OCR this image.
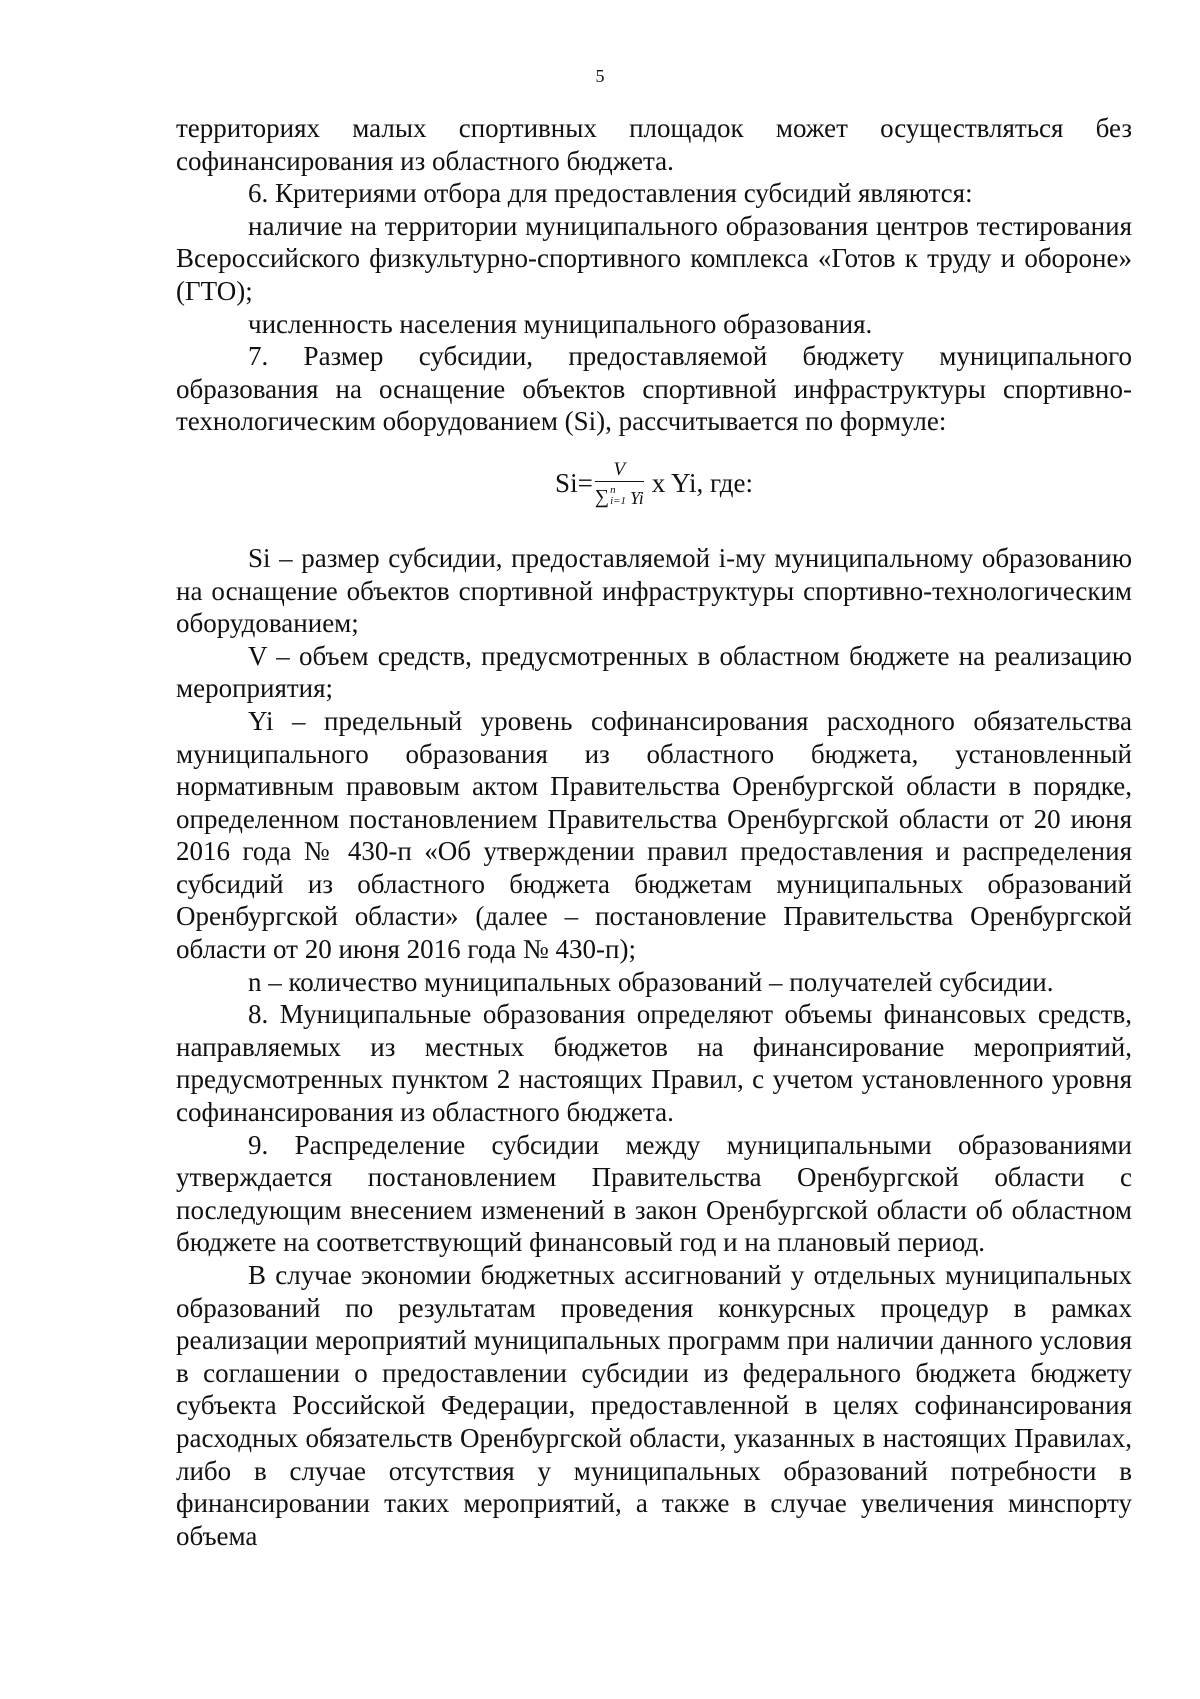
5

территориях малых спортивных площадок может осуществляться без софинансирования из областного бюджета.

6. Критериями отбора для предоставления субсидий являются:

наличие на территории муниципального образования центров тестирования Всероссийского физкультурно-спортивного комплекса «Готов к труду и обороне» (ГТО);

численность населения муниципального образования.

7. Размер субсидии, предоставляемой бюджету муниципального образования на оснащение объектов спортивной инфраструктуры спортивно-технологическим оборудованием (Si), рассчитывается по формуле:

Si= V
∑ n
i=1 Yi x Yi, где:

Si – размер субсидии, предоставляемой i-му муниципальному образованию на оснащение объектов спортивной инфраструктуры спортивно-технологическим оборудованием;

V – объем средств, предусмотренных в областном бюджете на реализацию мероприятия;

Yi – предельный уровень софинансирования расходного обязательства муниципального образования из областного бюджета, установленный нормативным правовым актом Правительства Оренбургской области в порядке, определенном постановлением Правительства Оренбургской области от 20 июня 2016 года № 430-п «Об утверждении правил предоставления и распределения субсидий из областного бюджета бюджетам муниципальных образований Оренбургской области» (далее – постановление Правительства Оренбургской области от 20 июня 2016 года № 430-п);

n – количество муниципальных образований – получателей субсидии.

8. Муниципальные образования определяют объемы финансовых средств, направляемых из местных бюджетов на финансирование мероприятий, предусмотренных пунктом 2 настоящих Правил, с учетом установленного уровня софинансирования из областного бюджета.

9. Распределение субсидии между муниципальными образованиями утверждается постановлением Правительства Оренбургской области с последующим внесением изменений в закон Оренбургской области об областном бюджете на соответствующий финансовый год и на плановый период.

В случае экономии бюджетных ассигнований у отдельных муниципальных образований по результатам проведения конкурсных процедур в рамках реализации мероприятий муниципальных программ при наличии данного условия в соглашении о предоставлении субсидии из федерального бюджета бюджету субъекта Российской Федерации, предоставленной в целях софинансирования расходных обязательств Оренбургской области, указанных в настоящих Правилах, либо в случае отсутствия у муниципальных образований потребности в финансировании таких мероприятий, а также в случае увеличения минспорту объема
